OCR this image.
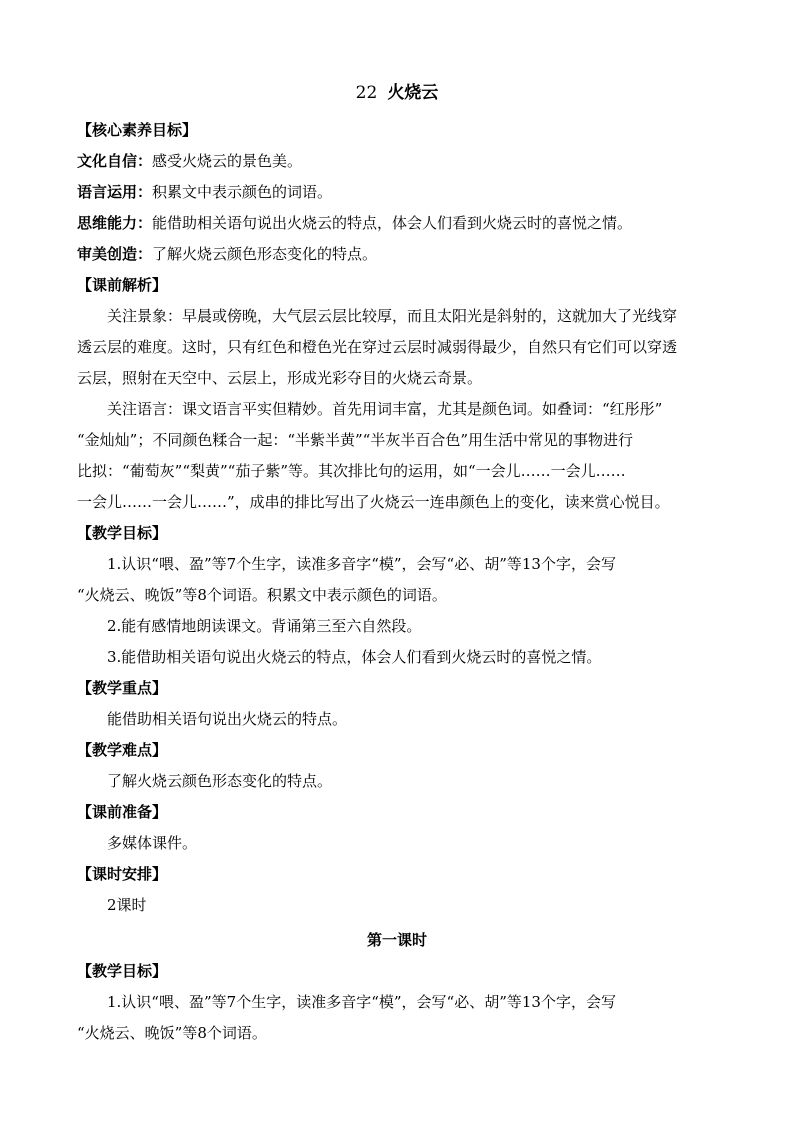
22 火烧云
【核心素养目标】
文化自信：感受火烧云的景色美。
语言运用：积累文中表示颜色的词语。
思维能力：能借助相关语句说出火烧云的特点，体会人们看到火烧云时的喜悦之情。
审美创造：了解火烧云颜色形态变化的特点。
【课前解析】
关注景象：早晨或傍晚，大气层云层比较厚，而且太阳光是斜射的，这就加大了光线穿
透云层的难度。这时，只有红色和橙色光在穿过云层时减弱得最少，自然只有它们可以穿透
云层，照射在天空中、云层上，形成光彩夺目的火烧云奇景。
关注语言：课文语言平实但精妙。首先用词丰富，尤其是颜色词。如叠词：“红彤彤”
“金灿灿”；不同颜色糅合一起：“半紫半黄”“半灰半百合色”用生活中常见的事物进行
比拟：“葡萄灰”“梨黄”“茄子紫”等。其次排比句的运用，如“一会儿……一会儿……
一会儿……一会儿……”，成串的排比写出了火烧云一连串颜色上的变化，读来赏心悦目。
【教学目标】
1.认识“喂、盈”等7个生字，读准多音字“模”，会写“必、胡”等13个字，会写
“火烧云、晚饭”等8个词语。积累文中表示颜色的词语。
2.能有感情地朗读课文。背诵第三至六自然段。
3.能借助相关语句说出火烧云的特点，体会人们看到火烧云时的喜悦之情。
【教学重点】
能借助相关语句说出火烧云的特点。
【教学难点】
了解火烧云颜色形态变化的特点。
【课前准备】
多媒体课件。
【课时安排】
2课时
第一课时
【教学目标】
1.认识“喂、盈”等7个生字，读准多音字“模”，会写“必、胡”等13个字，会写
“火烧云、晚饭”等8个词语。
